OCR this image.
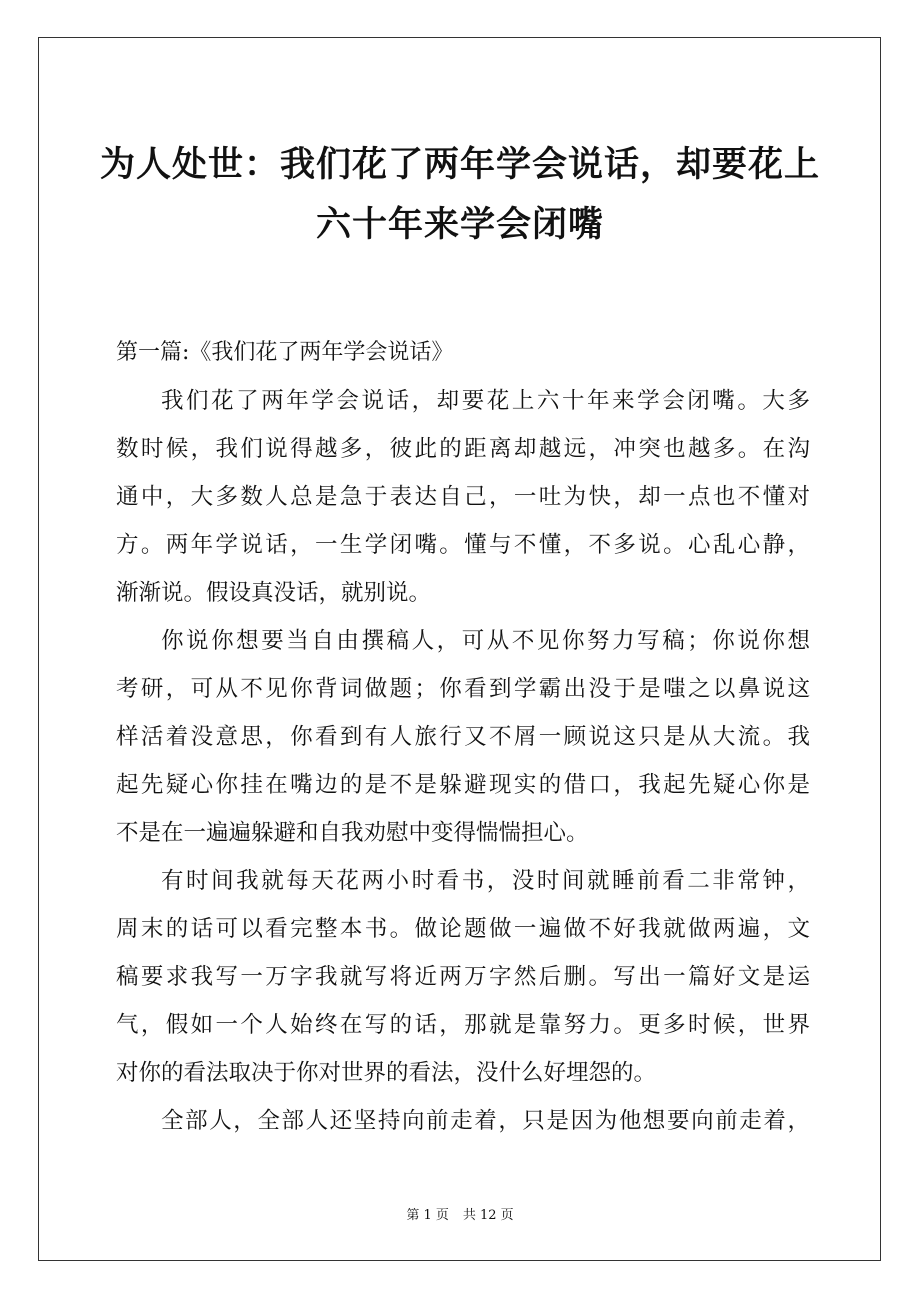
为人处世：我们花了两年学会说话，却要花上
六十年来学会闭嘴
第一篇:《我们花了两年学会说话》
我们花了两年学会说话，却要花上六十年来学会闭嘴。大多
数时候，我们说得越多，彼此的距离却越远，冲突也越多。在沟
通中，大多数人总是急于表达自己，一吐为快，却一点也不懂对
方。两年学说话，一生学闭嘴。懂与不懂，不多说。心乱心静，
渐渐说。假设真没话，就别说。
你说你想要当自由撰稿人，可从不见你努力写稿；你说你想
考研，可从不见你背词做题；你看到学霸出没于是嗤之以鼻说这
样活着没意思，你看到有人旅行又不屑一顾说这只是从大流。我
起先疑心你挂在嘴边的是不是躲避现实的借口，我起先疑心你是
不是在一遍遍躲避和自我劝慰中变得惴惴担心。
有时间我就每天花两小时看书，没时间就睡前看二非常钟，
周末的话可以看完整本书。做论题做一遍做不好我就做两遍，文
稿要求我写一万字我就写将近两万字然后删。写出一篇好文是运
气，假如一个人始终在写的话，那就是靠努力。更多时候，世界
对你的看法取决于你对世界的看法，没什么好埋怨的。
全部人，全部人还坚持向前走着，只是因为他想要向前走着，
第 1 页 共 12 页
